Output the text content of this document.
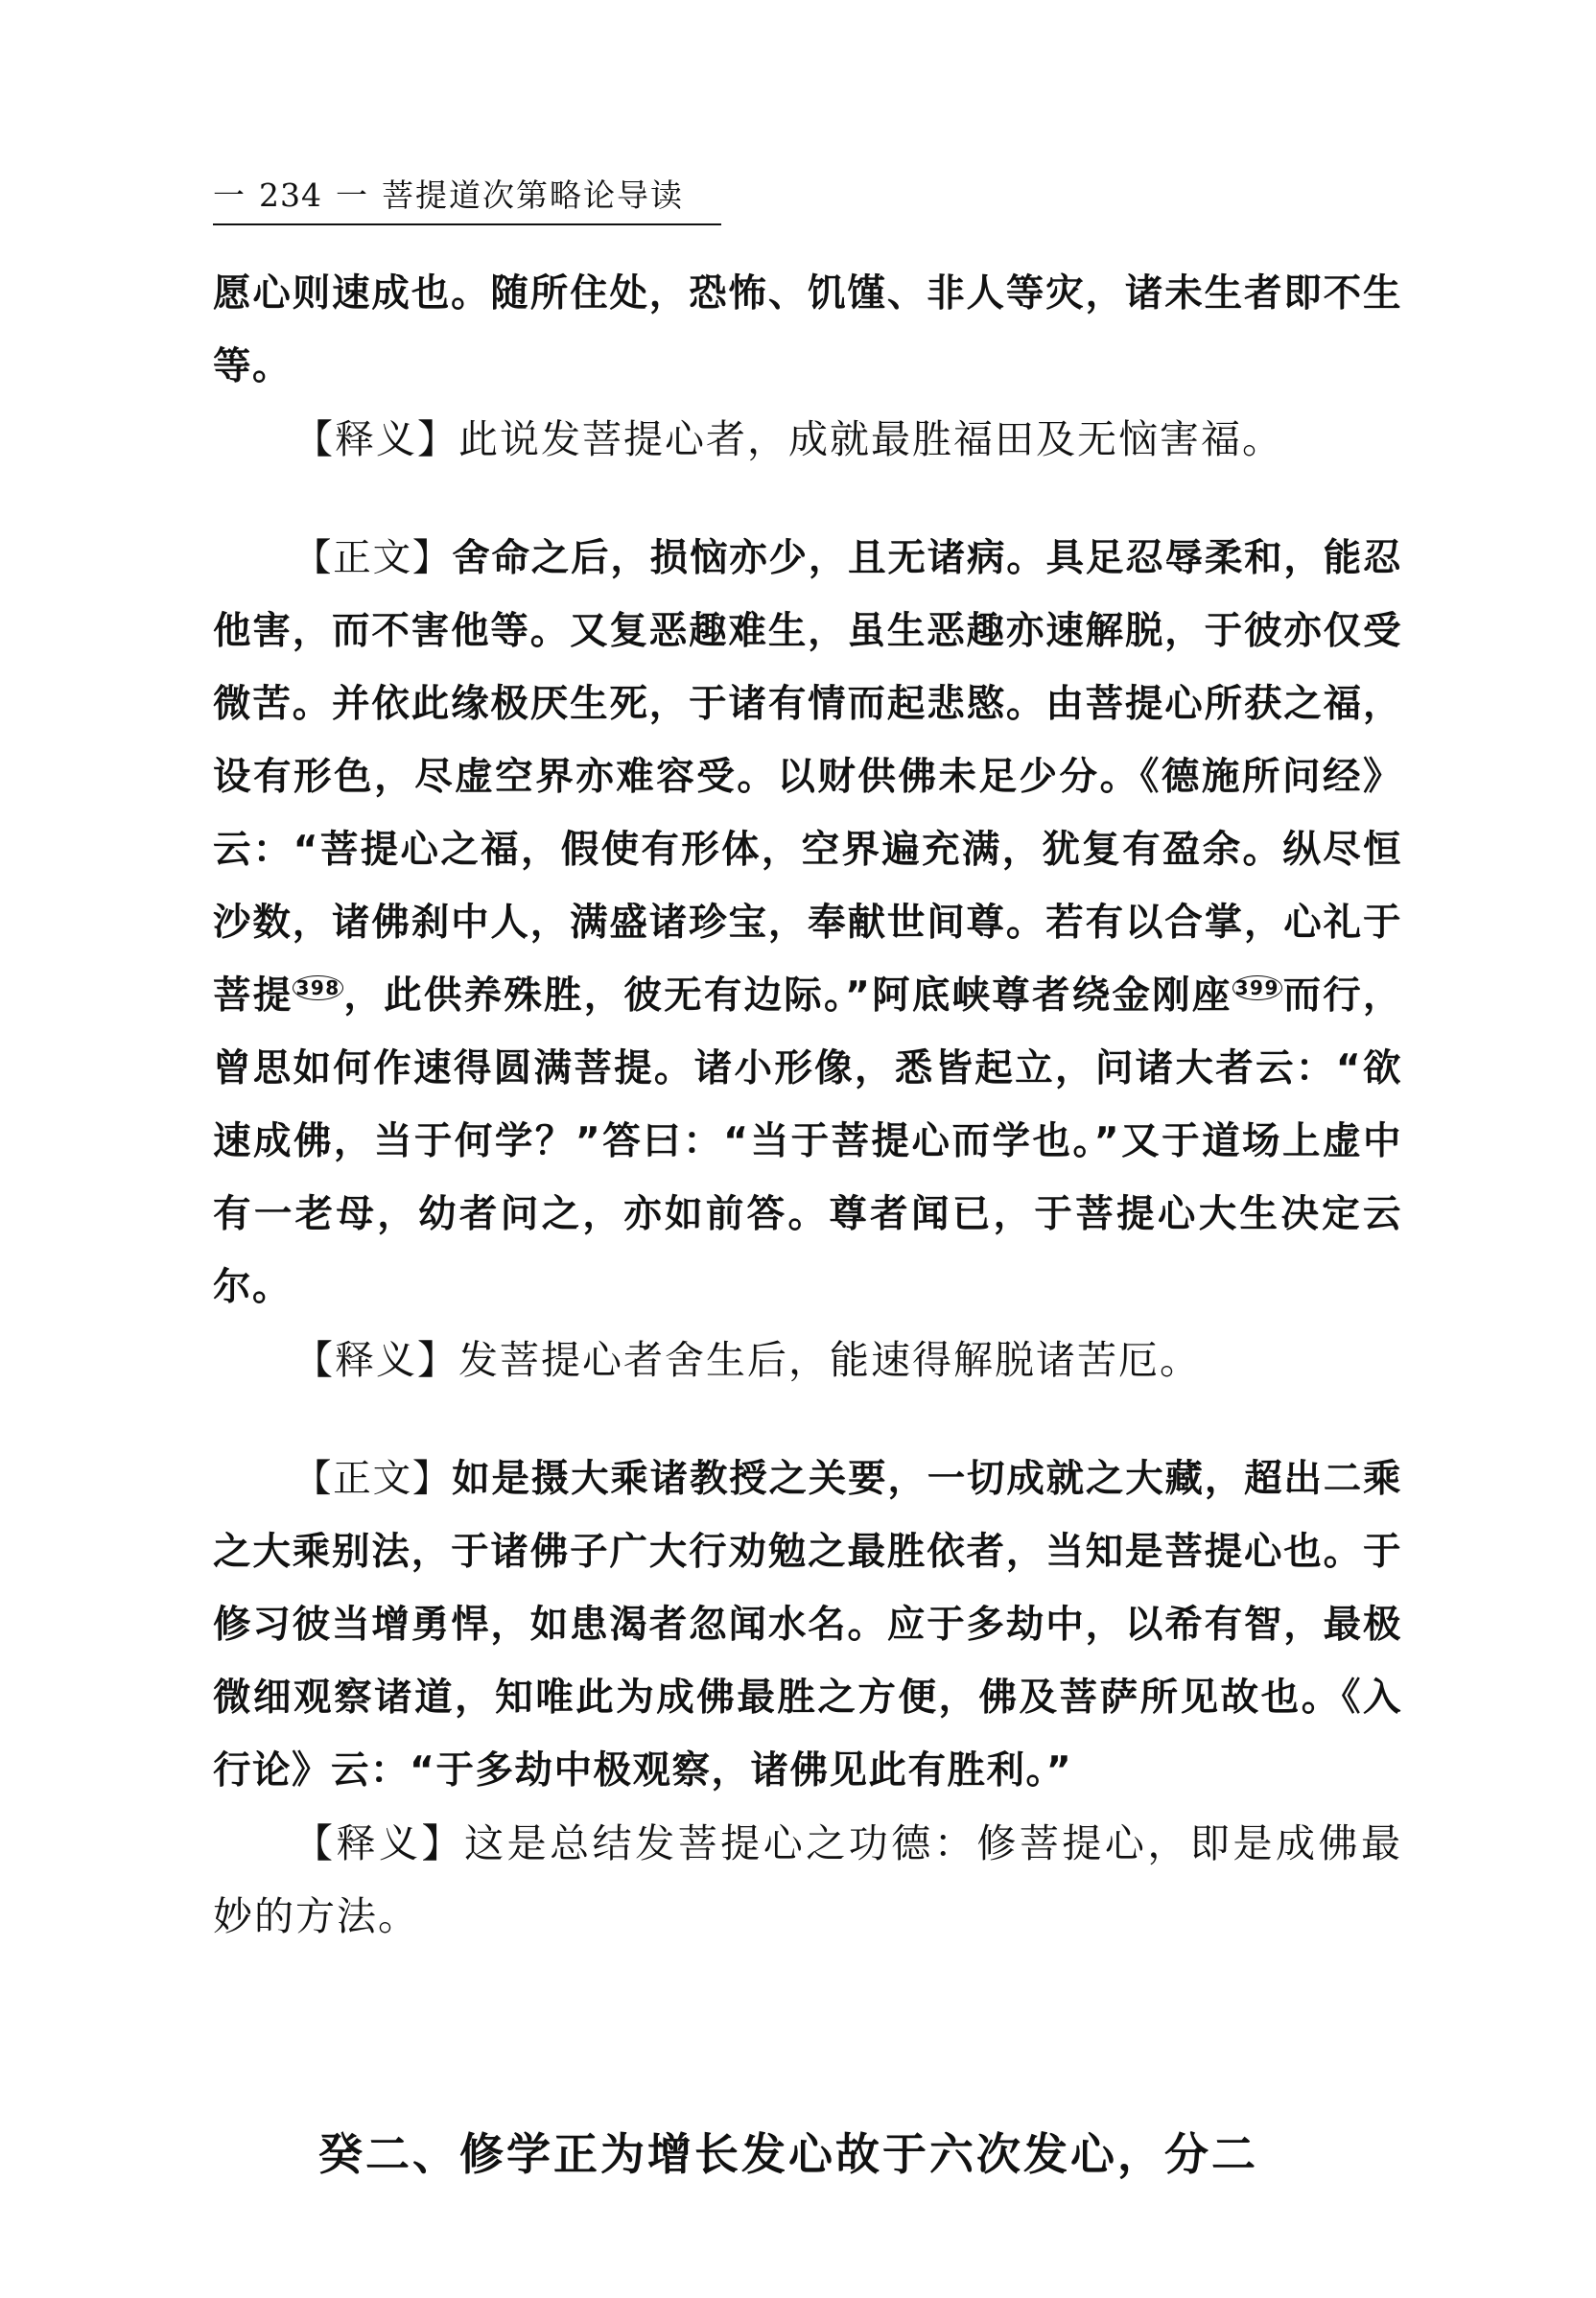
一 234 一 菩提道次第略论导读

愿心则速成也。随所住处，恐怖、饥馑、非人等灾，诸未生者即不生等。

【释义】此说发菩提心者，成就最胜福田及无恼害福。

【正文】舍命之后，损恼亦少，且无诸病。具足忍辱柔和，能忍他害，而不害他等。又复恶趣难生，虽生恶趣亦速解脱，于彼亦仅受微苦。并依此缘极厌生死，于诸有情而起悲愍。由菩提心所获之福，设有形色，尽虚空界亦难容受。以财供佛未足少分。《德施所问经》云：“菩提心之福，假使有形体，空界遍充满，犹复有盈余。纵尽恒沙数，诸佛刹中人，满盛诸珍宝，奉献世间尊。若有以合掌，心礼于菩提 $^{398}$，此供养殊胜，彼无有边际。”阿底峡尊者绕金刚座 $^{399}$而行，曾思如何作速得圆满菩提。诸小形像，悉皆起立，问诸大者云：“欲速成佛，当于何学？”答曰：“当于菩提心而学也。”又于道场上虚中有一老母，幼者问之，亦如前答。尊者闻已，于菩提心大生决定云尔。

【释义】发菩提心者舍生后，能速得解脱诸苦厄。

【正文】如是摄大乘诸教授之关要，一切成就之大藏，超出二乘之大乘别法，于诸佛子广大行劝勉之最胜依者，当知是菩提心也。于修习彼当增勇悍，如患渴者忽闻水名。应于多劫中，以希有智，最极微细观察诸道，知唯此为成佛最胜之方便，佛及菩萨所见故也。《入行论》云：“于多劫中极观察，诸佛见此有胜利。”

【释义】这是总结发菩提心之功德：修菩提心，即是成佛最妙的方法。

癸二、修学正为增长发心故于六次发心，分二
